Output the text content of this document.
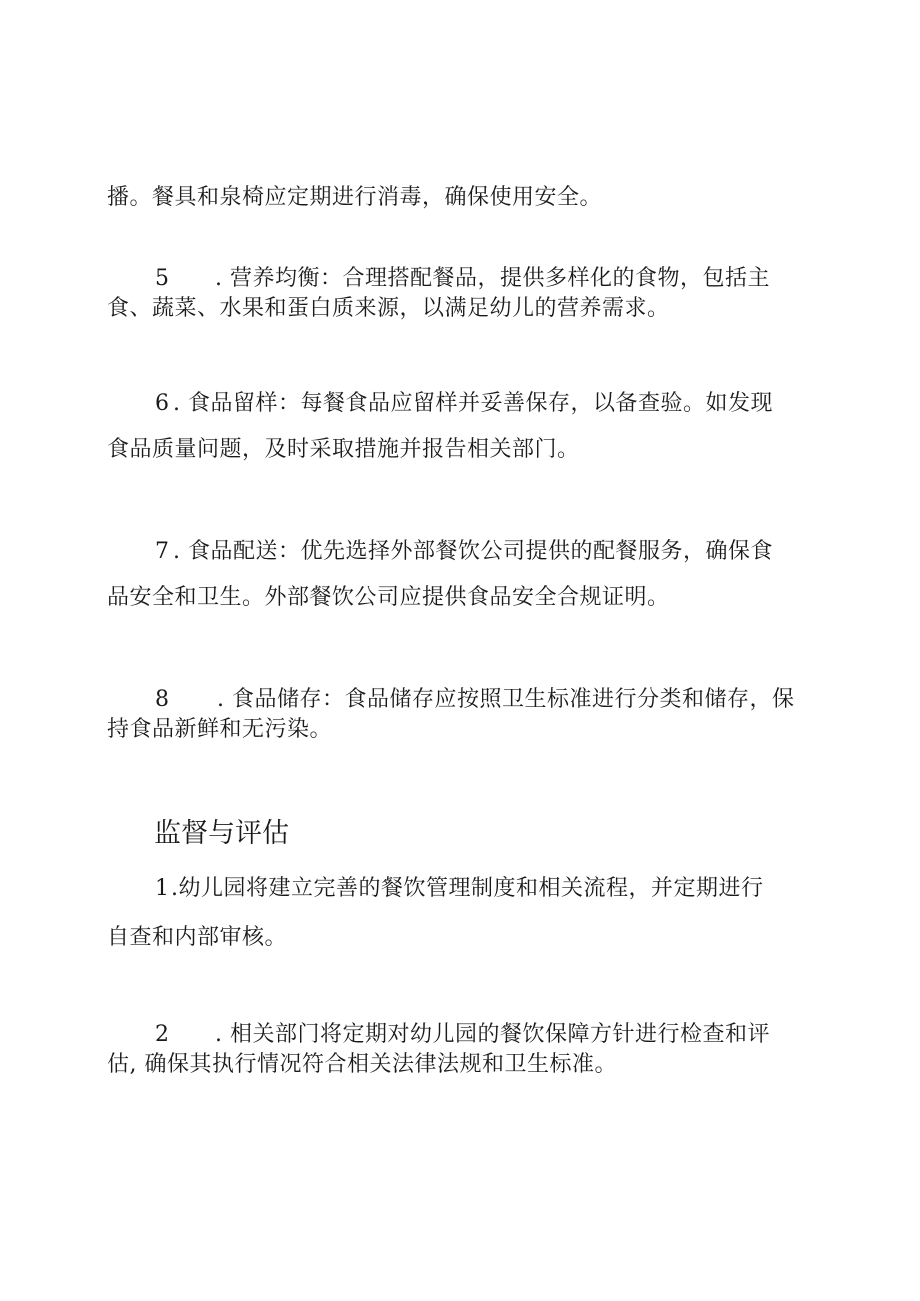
播。餐具和泉椅应定期进行消毒，确保使用安全。
5 . 营养均衡：合理搭配餐品，提供多样化的食物，包括主
食、蔬菜、水果和蛋白质来源，以满足幼儿的营养需求。
6 . 食品留样：每餐食品应留样并妥善保存，以备查验。如发现
食品质量问题，及时采取措施并报告相关部门。
7 . 食品配送：优先选择外部餐饮公司提供的配餐服务，确保食
品安全和卫生。外部餐饮公司应提供食品安全合规证明。
8 . 食品储存：食品储存应按照卫生标准进行分类和储存，保
持食品新鲜和无污染。
监督与评估
1.幼儿园将建立完善的餐饮管理制度和相关流程，并定期进行
自查和内部审核。
2 . 相关部门将定期对幼儿园的餐饮保障方针进行检查和评
估, 确保其执行情况符合相关法律法规和卫生标准。
